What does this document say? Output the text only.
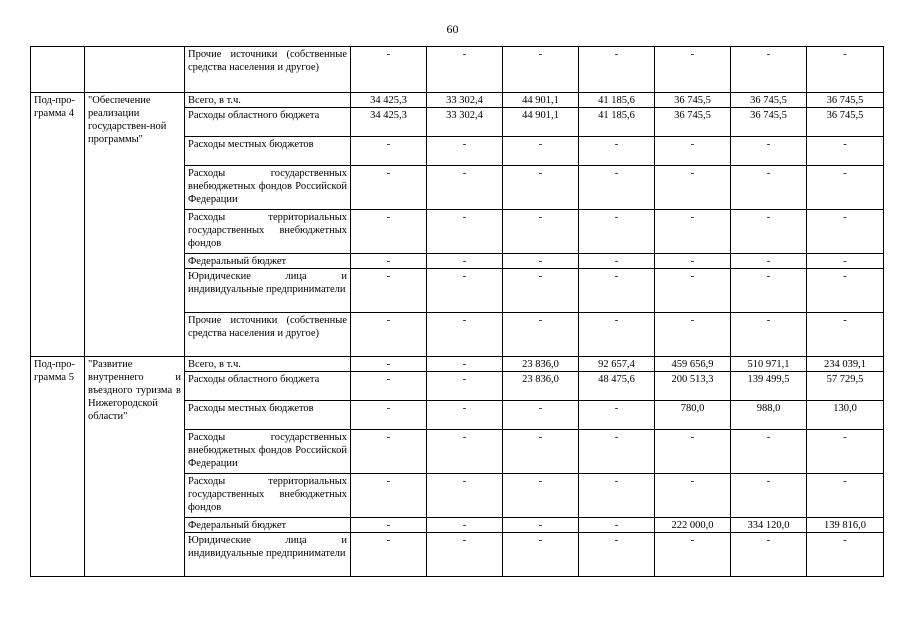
60
		Прочие источники (собственные средства населения и другое)	-	-	-	-	-	-	-
Под-про-грамма 4	"Обеспечение реализации государствен-ной программы"	Всего, в т.ч.	34 425,3	33 302,4	44 901,1	41 185,6	36 745,5	36 745,5	36 745,5
		Расходы областного бюджета	34 425,3	33 302,4	44 901,1	41 185,6	36 745,5	36 745,5	36 745,5
		Расходы местных бюджетов	-	-	-	-	-	-	-
		Расходы государственных внебюджетных фондов Российской Федерации	-	-	-	-	-	-	-
		Расходы территориальных государственных внебюджетных фондов	-	-	-	-	-	-	-
		Федеральный бюджет	-	-	-	-	-	-	-
		Юридические лица и индивидуальные предприниматели	-	-	-	-	-	-	-
		Прочие источники (собственные средства населения и другое)	-	-	-	-	-	-	-
Под-про-грамма 5	"Развитие внутреннего и въездного туризма в Нижегородской области"	Всего, в т.ч.	-	-	23 836,0	92 657,4	459 656,9	510 971,1	234 039,1
		Расходы областного бюджета	-	-	23 836,0	48 475,6	200 513,3	139 499,5	57 729,5
		Расходы местных бюджетов	-	-	-	-	780,0	988,0	130,0
		Расходы государственных внебюджетных фондов Российской Федерации	-	-	-	-	-	-	-
		Расходы территориальных государственных внебюджетных фондов	-	-	-	-	-	-	-
		Федеральный бюджет	-	-	-	-	222 000,0	334 120,0	139 816,0
		Юридические лица и индивидуальные предприниматели	-	-	-	-	-	-	-
